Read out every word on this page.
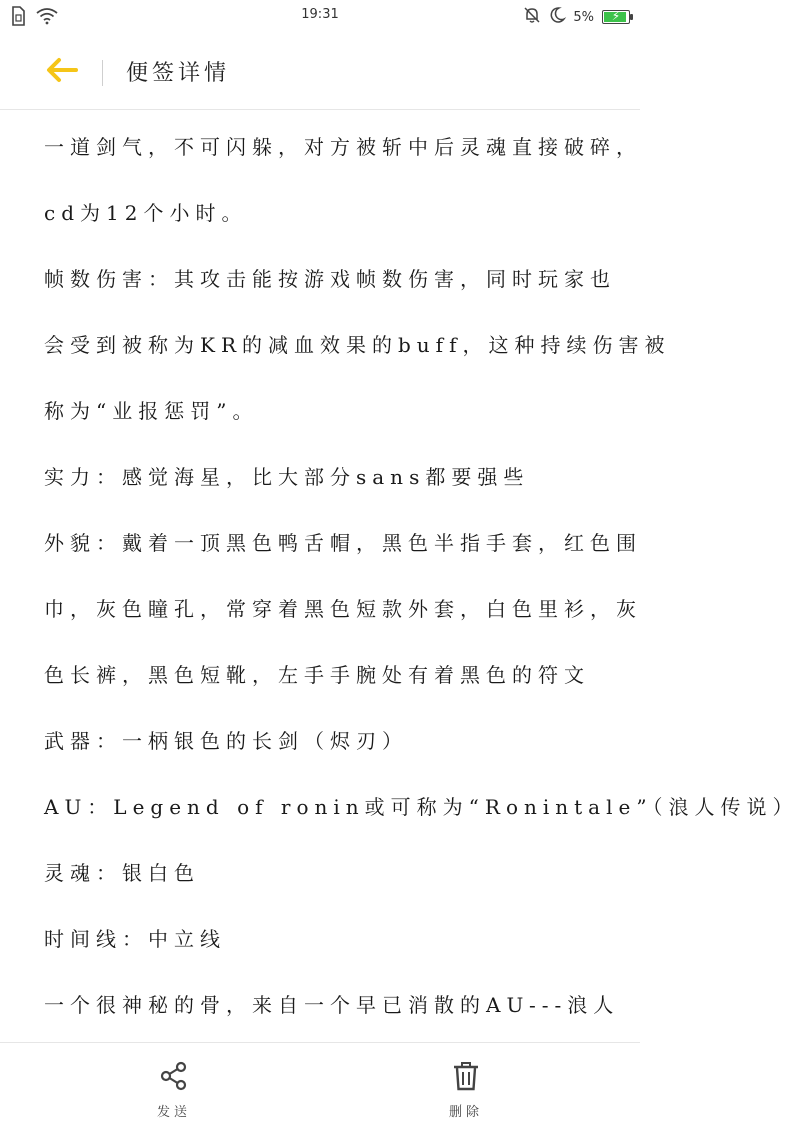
19:31	5%	⚡
便签详情
一道剑气，不可闪躲，对方被斩中后灵魂直接破碎，
cd为12个小时。
帧数伤害：其攻击能按游戏帧数伤害，同时玩家也
会受到被称为KR的减血效果的buff，这种持续伤害被
称为“业报惩罚”。
实力：感觉海星，比大部分sans都要强些
外貌：戴着一顶黑色鸭舌帽，黑色半指手套，红色围
巾，灰色瞳孔，常穿着黑色短款外套，白色里衫，灰
色长裤，黑色短靴，左手手腕处有着黑色的符文
武器：一柄银色的长剑（烬刃）
AU：Legend of ronin或可称为“Ronintale”（浪人传说）
灵魂：银白色
时间线：中立线
一个很神秘的骨，来自一个早已消散的AU---浪人
发送	删除
